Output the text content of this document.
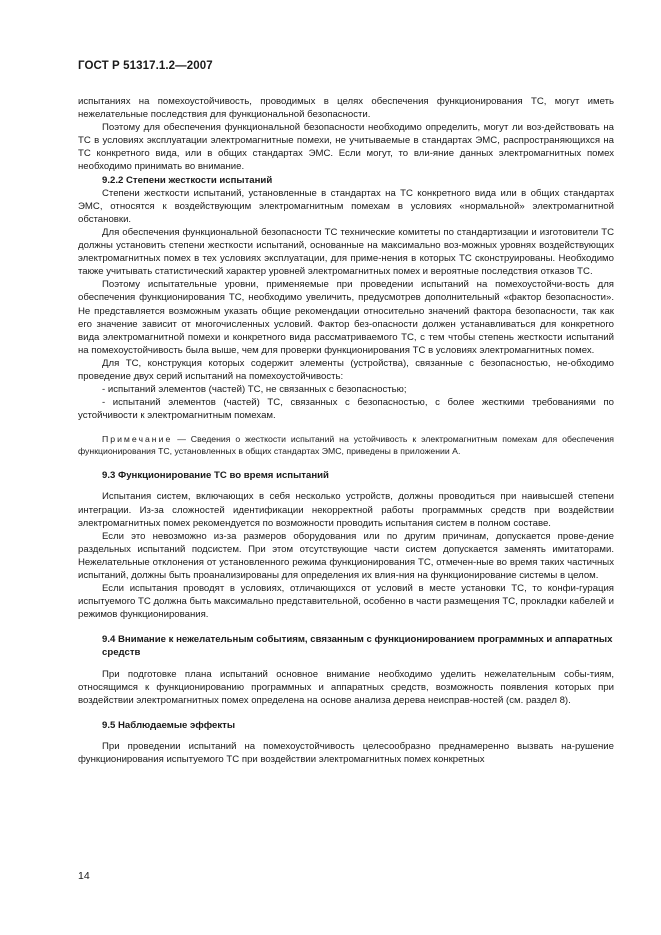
ГОСТ Р 51317.1.2—2007

испытаниях на помехоустойчивость, проводимых в целях обеспечения функционирования ТС, могут иметь нежелательные последствия для функциональной безопасности.

Поэтому для обеспечения функциональной безопасности необходимо определить, могут ли воз-действовать на ТС в условиях эксплуатации электромагнитные помехи, не учитываемые в стандартах ЭМС, распространяющихся на ТС конкретного вида, или в общих стандартах ЭМС. Если могут, то вли-яние данных электромагнитных помех необходимо принимать во внимание.

9.2.2 Степени жесткости испытаний

Степени жесткости испытаний, установленные в стандартах на ТС конкретного вида или в общих стандартах ЭМС, относятся к воздействующим электромагнитным помехам в условиях «нормальной» электромагнитной обстановки.

Для обеспечения функциональной безопасности ТС технические комитеты по стандартизации и изготовители ТС должны установить степени жесткости испытаний, основанные на максимально воз-можных уровнях воздействующих электромагнитных помех в тех условиях эксплуатации, для приме-нения в которых ТС сконструированы. Необходимо также учитывать статистический характер уровней электромагнитных помех и вероятные последствия отказов ТС.

Поэтому испытательные уровни, применяемые при проведении испытаний на помехоустойчи-вость для обеспечения функционирования ТС, необходимо увеличить, предусмотрев дополнительный «фактор безопасности». Не представляется возможным указать общие рекомендации относительно значений фактора безопасности, так как его значение зависит от многочисленных условий. Фактор без-опасности должен устанавливаться для конкретного вида электромагнитной помехи и конкретного вида рассматриваемого ТС, с тем чтобы степень жесткости испытаний на помехоустойчивость была выше, чем для проверки функционирования ТС в условиях электромагнитных помех.

Для ТС, конструкция которых содержит элементы (устройства), связанные с безопасностью, не-обходимо проведение двух серий испытаний на помехоустойчивость:

- испытаний элементов (частей) ТС, не связанных с безопасностью;

- испытаний элементов (частей) ТС, связанных с безопасностью, с более жесткими требованиями по устойчивости к электромагнитным помехам.

Примечание — Сведения о жесткости испытаний на устойчивость к электромагнитным помехам для обеспечения функционирования ТС, установленных в общих стандартах ЭМС, приведены в приложении А.

9.3 Функционирование ТС во время испытаний

Испытания систем, включающих в себя несколько устройств, должны проводиться при наивысшей степени интеграции. Из-за сложностей идентификации некорректной работы программных средств при воздействии электромагнитных помех рекомендуется по возможности проводить испытания систем в полном составе.

Если это невозможно из-за размеров оборудования или по другим причинам, допускается прове-дение раздельных испытаний подсистем. При этом отсутствующие части систем допускается заменять имитаторами. Нежелательные отклонения от установленного режима функционирования ТС, отмечен-ные во время таких частичных испытаний, должны быть проанализированы для определения их влия-ния на функционирование системы в целом.

Если испытания проводят в условиях, отличающихся от условий в месте установки ТС, то конфи-гурация испытуемого ТС должна быть максимально представительной, особенно в части размещения ТС, прокладки кабелей и режимов функционирования.

9.4 Внимание к нежелательным событиям, связанным с функционированием программных и аппаратных средств

При подготовке плана испытаний основное внимание необходимо уделить нежелательным собы-тиям, относящимся к функционированию программных и аппаратных средств, возможность появления которых при воздействии электромагнитных помех определена на основе анализа дерева неисправ-ностей (см. раздел 8).

9.5 Наблюдаемые эффекты

При проведении испытаний на помехоустойчивость целесообразно преднамеренно вызвать на-рушение функционирования испытуемого ТС при воздействии электромагнитных помех конкретных

14
